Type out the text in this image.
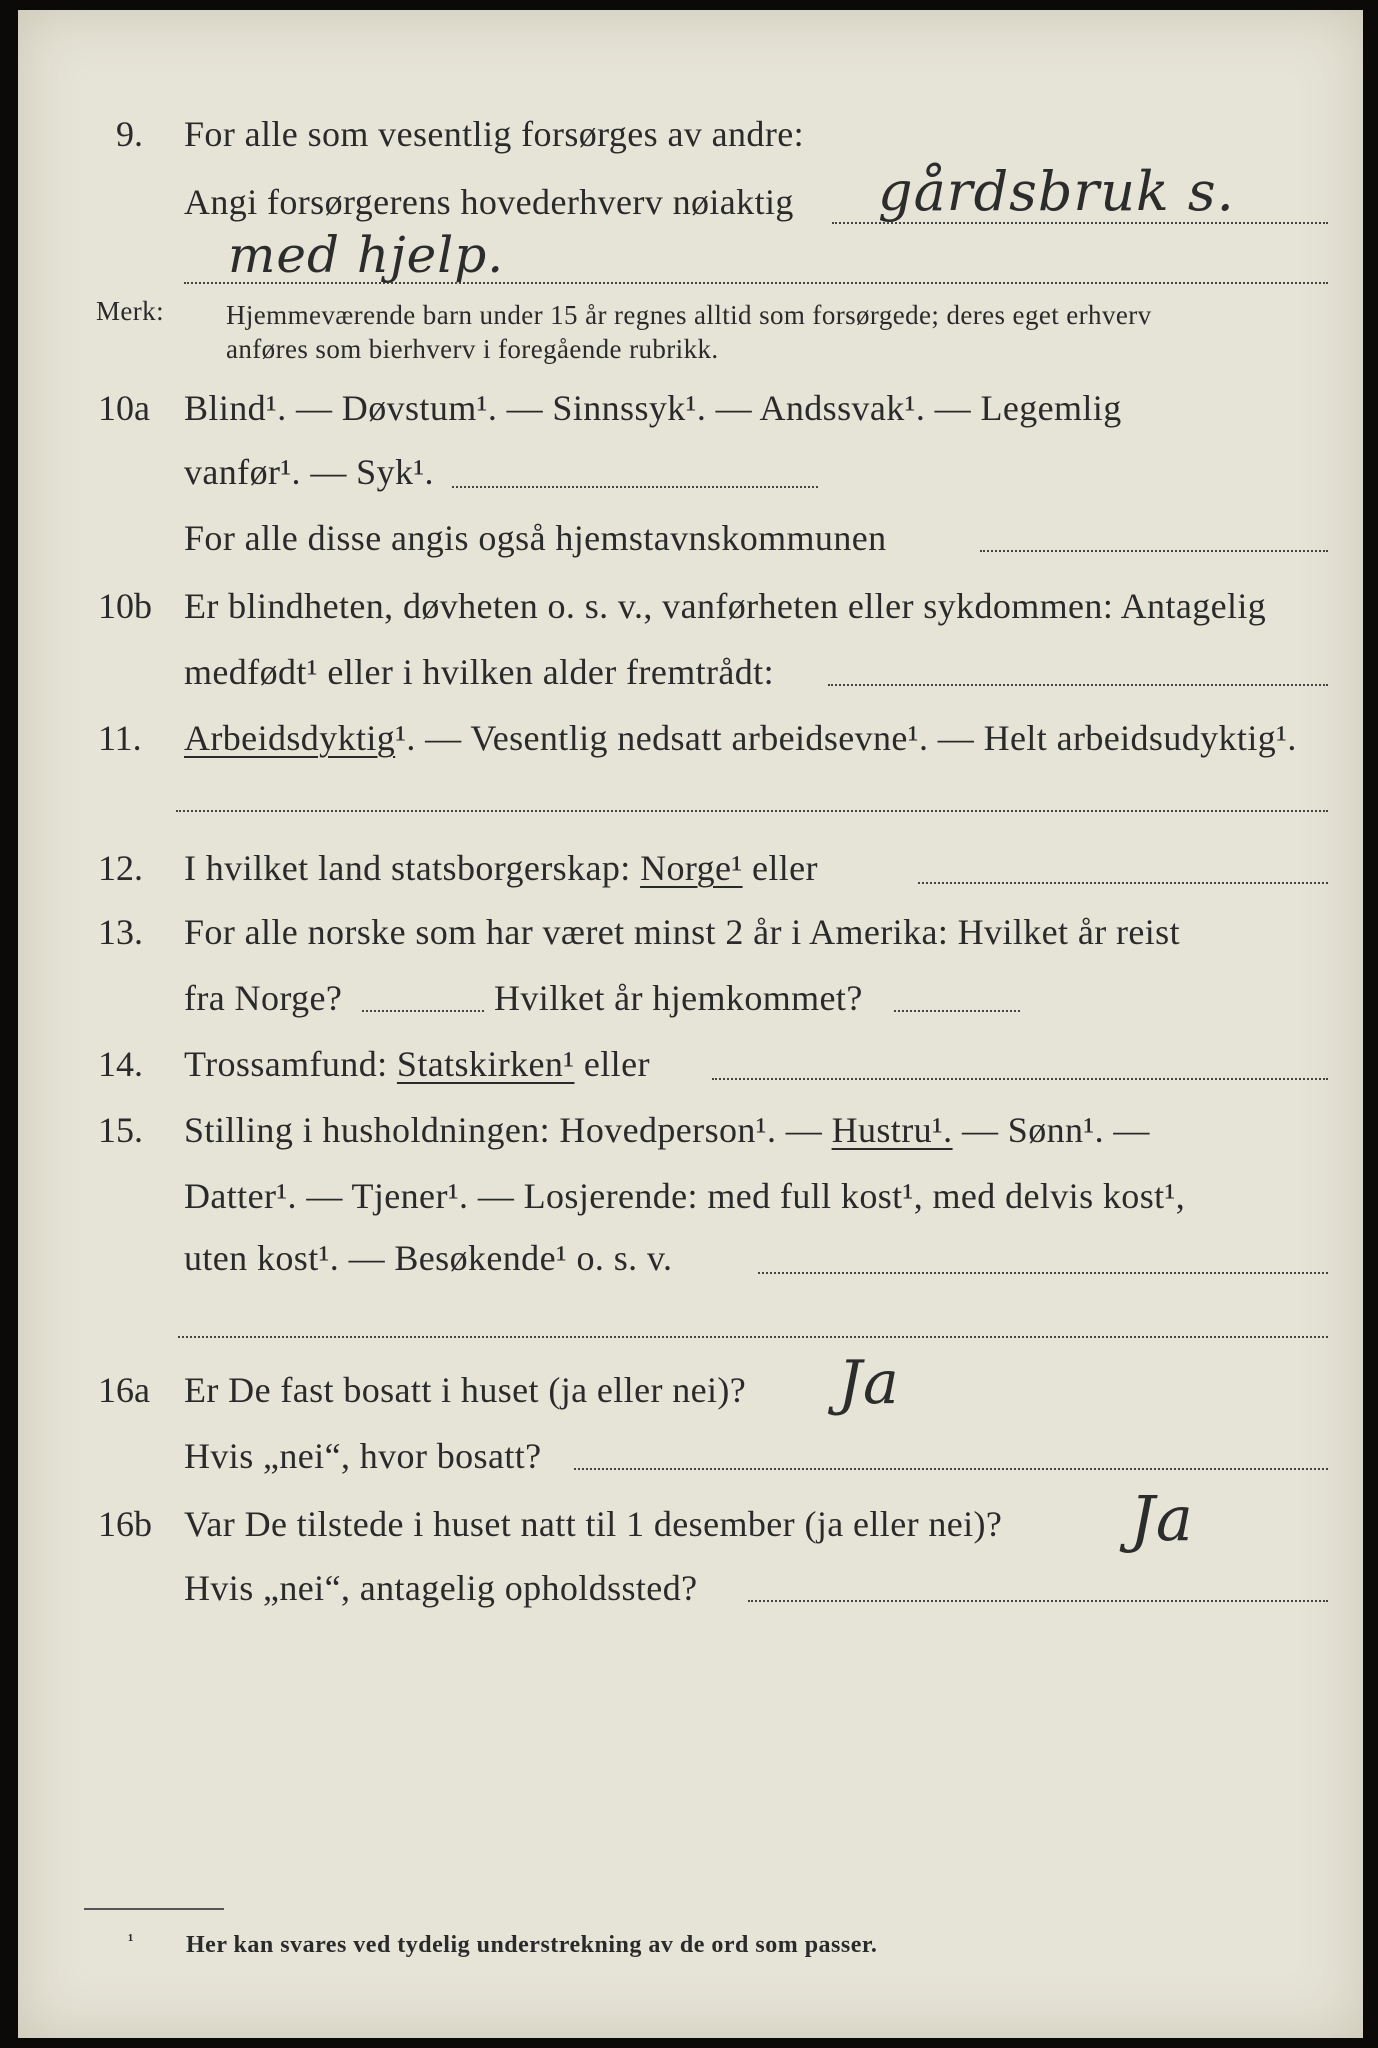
9. For alle som vesentlig forsørges av andre:
Angi forsørgerens hovederhverv nøiaktig gårdsbruk s.
med hjelp.
Merk: Hjemmeværende barn under 15 år regnes alltid som forsørgede; deres eget erhverv
anføres som bierhverv i foregående rubrikk.
10a Blind¹. — Døvstum¹. — Sinnssyk¹. — Andssvak¹. — Legemlig
vanfør¹. — Syk¹.
For alle disse angis også hjemstavnskommunen
10b Er blindheten, døvheten o. s. v., vanførheten eller sykdommen: Antagelig
medfødt¹ eller i hvilken alder fremtrådt:
11. Arbeidsdyktig¹. — Vesentlig nedsatt arbeidsevne¹. — Helt arbeidsudyktig¹.
12. I hvilket land statsborgerskap: Norge¹ eller
13. For alle norske som har været minst 2 år i Amerika: Hvilket år reist
fra Norge?	Hvilket år hjemkommet?
14. Trossamfund: Statskirken¹ eller
15. Stilling i husholdningen: Hovedperson¹. — Hustru¹. — Sønn¹. —
Datter¹. — Tjener¹. — Losjerende: med full kost¹, med delvis kost¹,
uten kost¹. — Besøkende¹ o. s. v.
16a Er De fast bosatt i huset (ja eller nei)? Ja
Hvis „nei“, hvor bosatt?
16b Var De tilstede i huset natt til 1 desember (ja eller nei)? Ja
Hvis „nei“, antagelig opholdssted?
¹ Her kan svares ved tydelig understrekning av de ord som passer.
